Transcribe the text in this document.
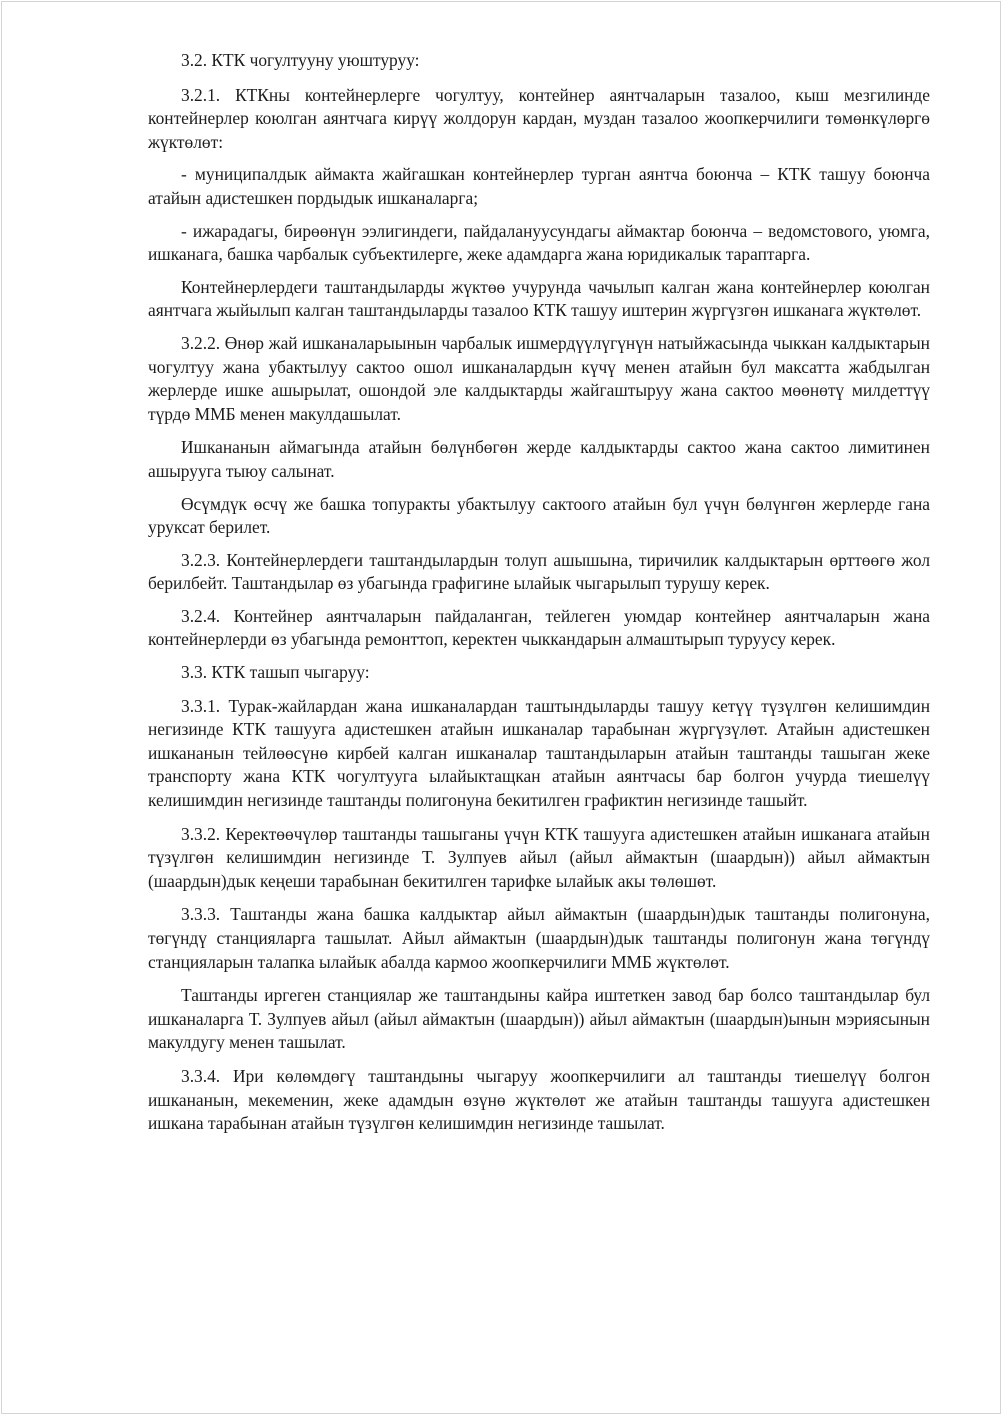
3.2. КТК чогултууну уюштуруу:

3.2.1. КТКны контейнерлерге чогултуу, контейнер аянтчаларын тазалоо, кыш мезгилинде контейнерлер коюлган аянтчага кирүү жолдорун кардан, муздан тазалоо жоопкерчилиги төмөнкүлөргө жүктөлөт:

- муниципалдык аймакта жайгашкан контейнерлер турган аянтча боюнча – КТК ташуу боюнча атайын адистешкен пордыдык ишканаларга;

- ижарадагы, бирөөнүн ээлигиндеги, пайдалануусундагы аймактар боюнча – ведомстового, уюмга, ишканага, башка чарбалык субъектилерге, жеке адамдарга жана юридикалык тараптарга.

Контейнерлердеги таштандыларды жүктөө учурунда чачылып калган жана контейнерлер коюлган аянтчага жыйылып калган таштандыларды тазалоо КТК ташуу иштерин жүргүзгөн ишканага жүктөлөт.

3.2.2. Өнөр жай ишканаларыынын чарбалык ишмердүүлүгүнүн натыйжасында чыккан калдыктарын чогултуу жана убактылуу сактоо ошол ишканалардын күчү менен атайын бул максатта жабдылган жерлерде ишке ашырылат, ошондой эле калдыктарды жайгаштыруу жана сактоо мөөнөтү милдеттүү түрдө ММБ менен макулдашылат.

Ишкананын аймагында атайын бөлүнбөгөн жерде калдыктарды сактоо жана сактоо лимитинен ашырууга тыюу салынат.

Өсүмдүк өсчү же башка топуракты убактылуу сактоого атайын бул үчүн бөлүнгөн жерлерде гана уруксат берилет.

3.2.3. Контейнерлердеги таштандылардын толуп ашышына, тиричилик калдыктарын өрттөөгө жол берилбейт. Таштандылар өз убагында графигине ылайык чыгарылып турушу керек.

3.2.4. Контейнер аянтчаларын пайдаланган, тейлеген уюмдар контейнер аянтчаларын жана контейнерлерди өз убагында ремонттоп, керектен чыккандарын алмаштырып туруусу керек.

3.3. КТК ташып чыгаруу:

3.3.1. Турак-жайлардан жана ишканалардан таштындыларды ташуу кетүү түзүлгөн келишимдин негизинде КТК ташууга адистешкен атайын ишканалар тарабынан жүргүзүлөт. Атайын адистешкен ишкананын тейлөөсүнө кирбей калган ишканалар таштандыларын атайын таштанды ташыган жеке транспорту жана КТК чогултууга ылайыктащкан атайын аянтчасы бар болгон учурда тиешелүү келишимдин негизинде таштанды полигонуна бекитилген графиктин негизинде ташыйт.

3.3.2. Керектөөчүлөр таштанды ташыганы үчүн КТК ташууга адистешкен атайын ишканага атайын түзүлгөн келишимдин негизинде Т. Зулпуев айыл (айыл аймактын (шаардын)) айыл аймактын (шаардын)дык кеңеши тарабынан бекитилген тарифке ылайык акы төлөшөт.

3.3.3. Таштанды жана башка калдыктар айыл аймактын (шаардын)дык таштанды полигонуна, төгүндү станцияларга ташылат. Айыл аймактын (шаардын)дык таштанды полигонун жана төгүндү станцияларын талапка ылайык абалда кармоо жоопкерчилиги ММБ жүктөлөт.

Таштанды иргеген станциялар же таштандыны кайра иштеткен завод бар болсо таштандылар бул ишканаларга Т. Зулпуев айыл (айыл аймактын (шаардын)) айыл аймактын (шаардын)ынын мэриясынын макулдугу менен ташылат.

3.3.4. Ири көлөмдөгү таштандыны чыгаруу жоопкерчилиги ал таштанды тиешелүү болгон ишкананын, мекеменин, жеке адамдын өзүнө жүктөлөт же атайын таштанды ташууга адистешкен ишкана тарабынан атайын түзүлгөн келишимдин негизинде ташылат.
